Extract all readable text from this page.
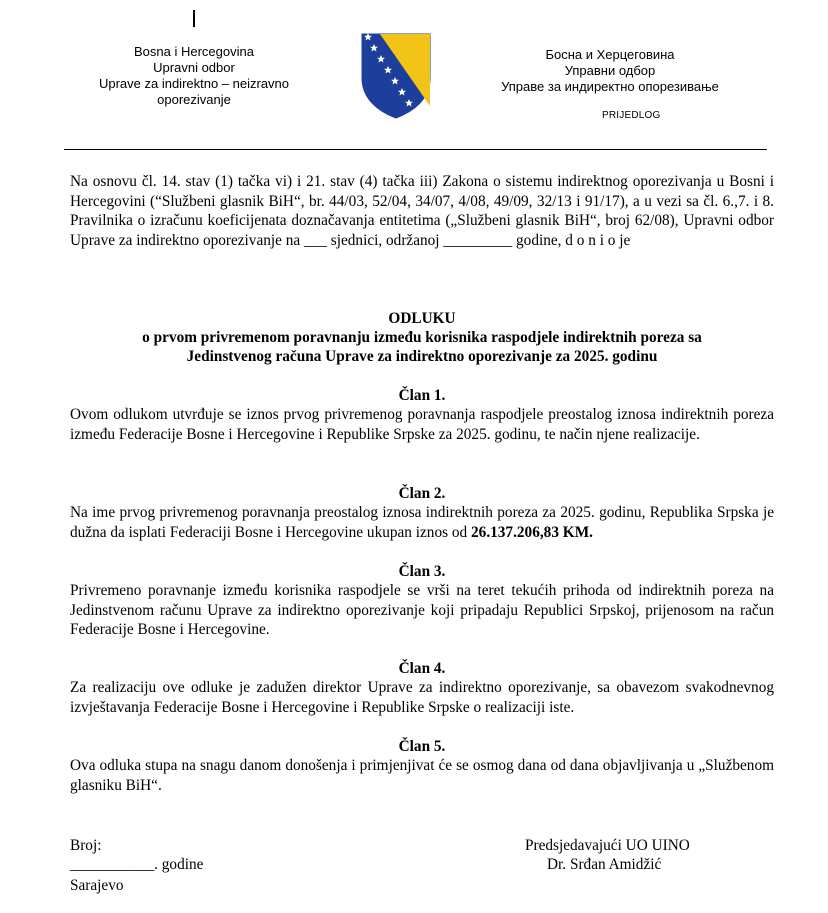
Bosna i Hercegovina
Upravni odbor
Uprave za indirektno – neizravno
oporezivanje
Босна и Херцеговина
Управни одбор
Управе за индиректно опорезивање
PRIJEDLOG
Na osnovu čl. 14. stav (1) tačka vi) i 21. stav (4) tačka iii) Zakona o sistemu indirektnog oporezivanja u Bosni i Hercegovini (“Službeni glasnik BiH“, br. 44/03, 52/04, 34/07, 4/08, 49/09, 32/13 i 91/17), a u vezi sa čl. 6.,7. i 8. Pravilnika o izračunu koeficijenata doznačavanja entitetima („Službeni glasnik BiH“, broj 62/08), Upravni odbor Uprave za indirektno oporezivanje na ___ sjednici, održanoj _________ godine, d o n i o je
ODLUKU
o prvom privremenom poravnanju između korisnika raspodjele indirektnih poreza sa
Jedinstvenog računa Uprave za indirektno oporezivanje za 2025. godinu
Član 1.
Ovom odlukom utvrđuje se iznos prvog privremenog poravnanja raspodjele preostalog iznosa indirektnih poreza između Federacije Bosne i Hercegovine i Republike Srpske za 2025. godinu, te način njene realizacije.
Član 2.
Na ime prvog privremenog poravnanja preostalog iznosa indirektnih poreza za 2025. godinu, Republika Srpska je dužna da isplati Federaciji Bosne i Hercegovine ukupan iznos od 26.137.206,83 KM.
Član 3.
Privremeno poravnanje između korisnika raspodjele se vrši na teret tekućih prihoda od indirektnih poreza na Jedinstvenom računu Uprave za indirektno oporezivanje koji pripadaju Republici Srpskoj, prijenosom na račun Federacije Bosne i Hercegovine.
Član 4.
Za realizaciju ove odluke je zadužen direktor Uprave za indirektno oporezivanje, sa obavezom svakodnevnog izvještavanja Federacije Bosne i Hercegovine i Republike Srpske o realizaciji iste.
Član 5.
Ova odluka stupa na snagu danom donošenja i primjenjivat će se osmog dana od dana objavljivanja u „Službenom glasniku BiH“.
Broj:
___________. godine
Sarajevo
Predsjedavajući UO UINO
Dr. Srđan Amidžić
